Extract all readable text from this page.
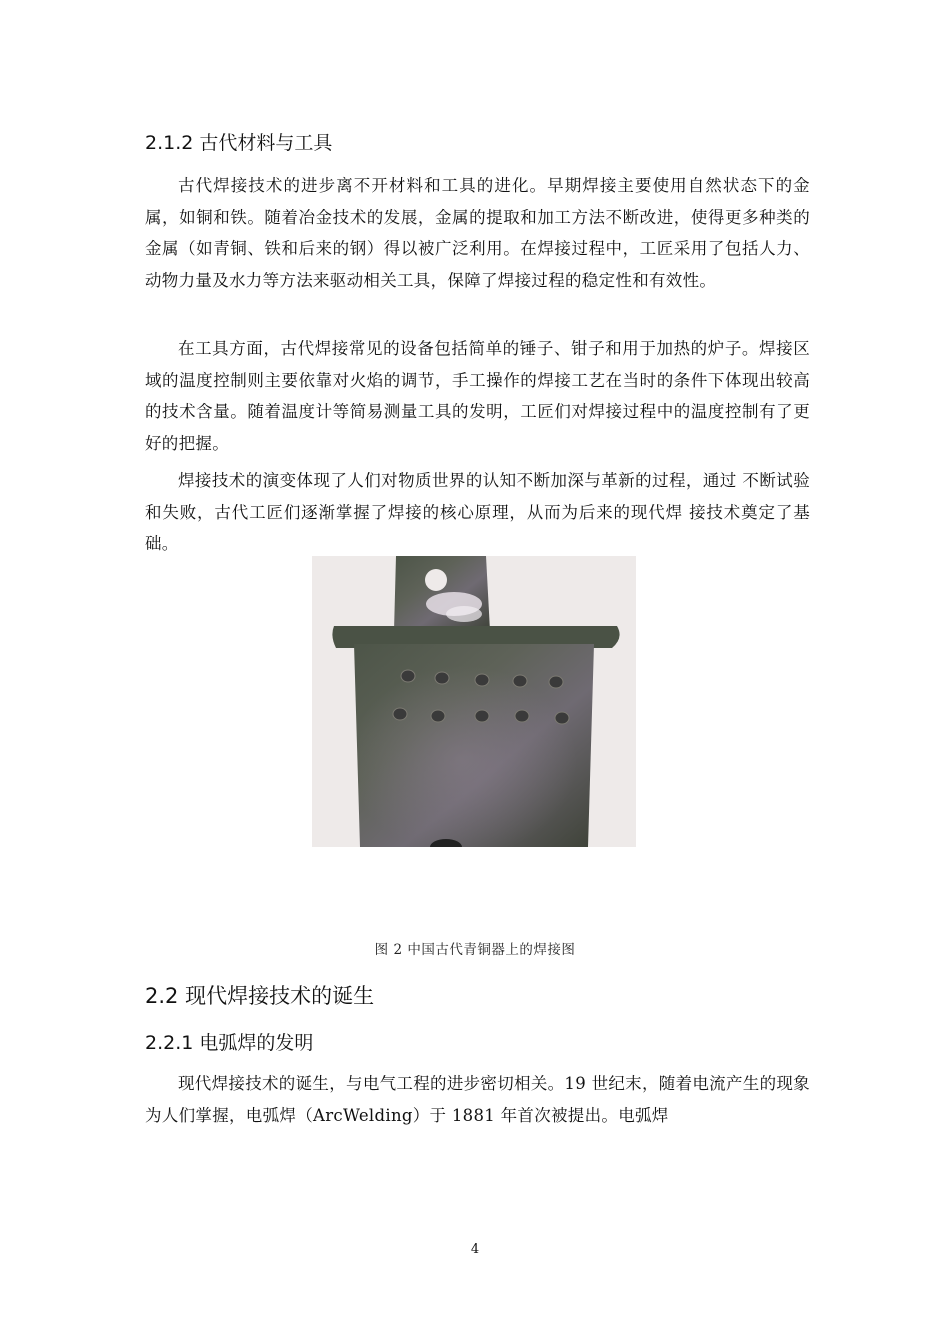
2.1.2 古代材料与工具

古代焊接技术的进步离不开材料和工具的进化。早期焊接主要使用自然状态下的金属，如铜和铁。随着冶金技术的发展，金属的提取和加工方法不断改进，使得更多种类的金属（如青铜、铁和后来的钢）得以被广泛利用。在焊接过程中，工匠采用了包括人力、动物力量及水力等方法来驱动相关工具，保障了焊接过程的稳定性和有效性。

在工具方面，古代焊接常见的设备包括简单的锤子、钳子和用于加热的炉子。焊接区域的温度控制则主要依靠对火焰的调节，手工操作的焊接工艺在当时的条件下体现出较高的技术含量。随着温度计等简易测量工具的发明，工匠们对焊接过程中的温度控制有了更好的把握。

焊接技术的演变体现了人们对物质世界的认知不断加深与革新的过程，通过 不断试验和失败，古代工匠们逐渐掌握了焊接的核心原理，从而为后来的现代焊 接技术奠定了基础。

图 2 中国古代青铜器上的焊接图
2.2 现代焊接技术的诞生
2.2.1 电弧焊的发明

现代焊接技术的诞生，与电气工程的进步密切相关。19 世纪末，随着电流产生的现象为人们掌握，电弧焊（ArcWelding）于 1881 年首次被提出。电弧焊

4
